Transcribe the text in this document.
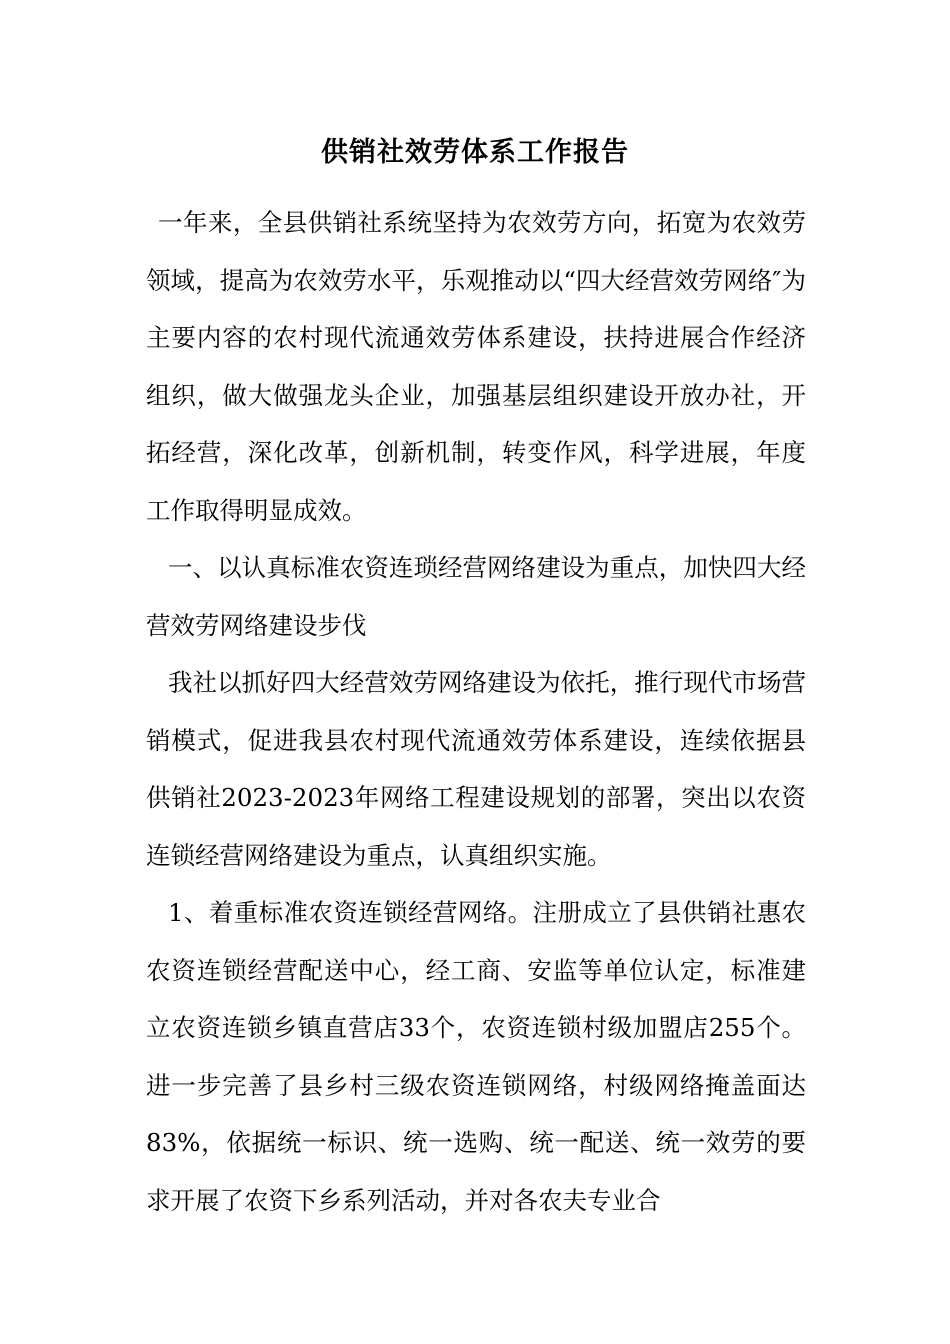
供销社效劳体系工作报告

一年来，全县供销社系统坚持为农效劳方向，拓宽为农效劳领域，提高为农效劳水平，乐观推动以“四大经营效劳网络″为主要内容的农村现代流通效劳体系建设，扶持进展合作经济组织，做大做强龙头企业，加强基层组织建设开放办社，开拓经营，深化改革，创新机制，转变作风，科学进展，年度工作取得明显成效。

一、以认真标准农资连琐经营网络建设为重点，加快四大经营效劳网络建设步伐

我社以抓好四大经营效劳网络建设为依托，推行现代市场营销模式，促进我县农村现代流通效劳体系建设，连续依据县供销社2023-2023年网络工程建设规划的部署，突出以农资连锁经营网络建设为重点，认真组织实施。

1、着重标准农资连锁经营网络。注册成立了县供销社惠农农资连锁经营配送中心，经工商、安监等单位认定，标准建立农资连锁乡镇直营店33个，农资连锁村级加盟店255个。进一步完善了县乡村三级农资连锁网络，村级网络掩盖面达83%，依据统一标识、统一选购、统一配送、统一效劳的要求开展了农资下乡系列活动，并对各农夫专业合
